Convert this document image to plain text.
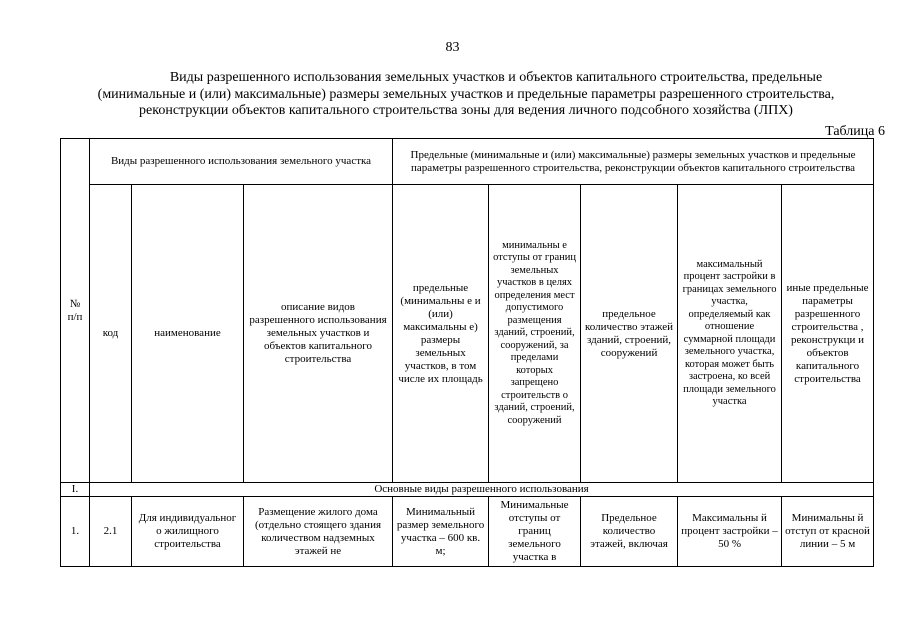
83
Виды разрешенного использования земельных участков и объектов капитального строительства, предельные
(минимальные и (или) максимальные) размеры земельных участков и предельные параметры разрешенного строительства,
реконструкции объектов капитального строительства зоны для ведения личного подсобного хозяйства (ЛПХ)
Таблица 6
№ п/п	Виды разрешенного использования земельного участка			Предельные (минимальные и (или) максимальные) размеры земельных участков и предельные параметры разрешенного строительства, реконструкции объектов капитального строительства				
	код	наименование	описание видов разрешенного использования земельных участков и объектов капитального строительства	предельные (минимальны е и (или) максимальны е) размеры земельных участков, в том числе их площадь	минимальны е отступы от границ земельных участков в целях определения мест допустимого размещения зданий, строений, сооружений, за пределами которых запрещено строительств о зданий, строений, сооружений	предельное количество этажей зданий, строений, сооружений	максимальный процент застройки в границах земельного участка, определяемый как отношение суммарной площади земельного участка, которая может быть застроена, ко всей площади земельного участка	иные предельные параметры разрешенного строительства , реконструкци и объектов капитального строительства
I.	Основные виды разрешенного использования							
1.	2.1	Для индивидуальног о жилищного строительства	Размещение жилого дома (отдельно стоящего здания количеством надземных этажей не	Минимальный размер земельного участка – 600 кв. м;	Минимальные отступы от границ земельного участка в	Предельное количество этажей, включая	Максимальны й процент застройки – 50 %	Минимальны й отступ от красной линии – 5 м
